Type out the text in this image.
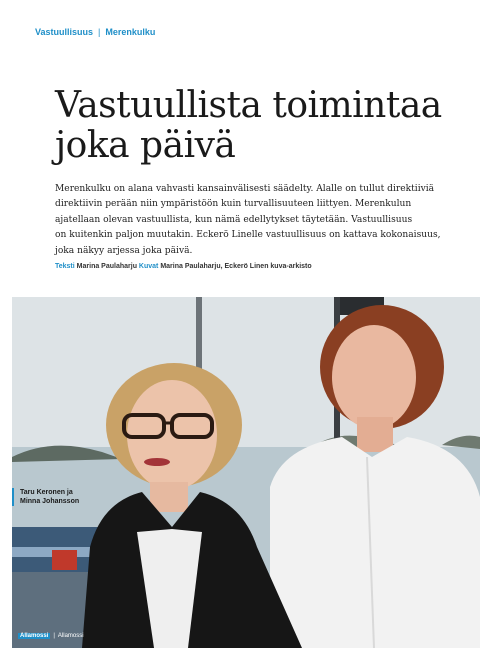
Vastuullisuus | Merenkulku
Vastuullista toimintaa
joka päivä
Merenkulku on alana vahvasti kansainvälisesti säädelty. Alalle on tullut direktiiviä
direktiivin perään niin ympäristöön kuin turvallisuuteen liittyen. Merenkulun
ajatellaan olevan vastuullista, kun nämä edellytykset täytetään. Vastuullisuus
on kuitenkin paljon muutakin. Eckerö Linelle vastuullisuus on kattava kokonaisuus,
joka näkyy arjessa joka päivä.
Teksti Marina Paulaharju Kuvat Marina Paulaharju, Eckerö Linen kuva-arkisto
Taru Keronen ja
Minna Johansson
Allamossi | Allamossi
